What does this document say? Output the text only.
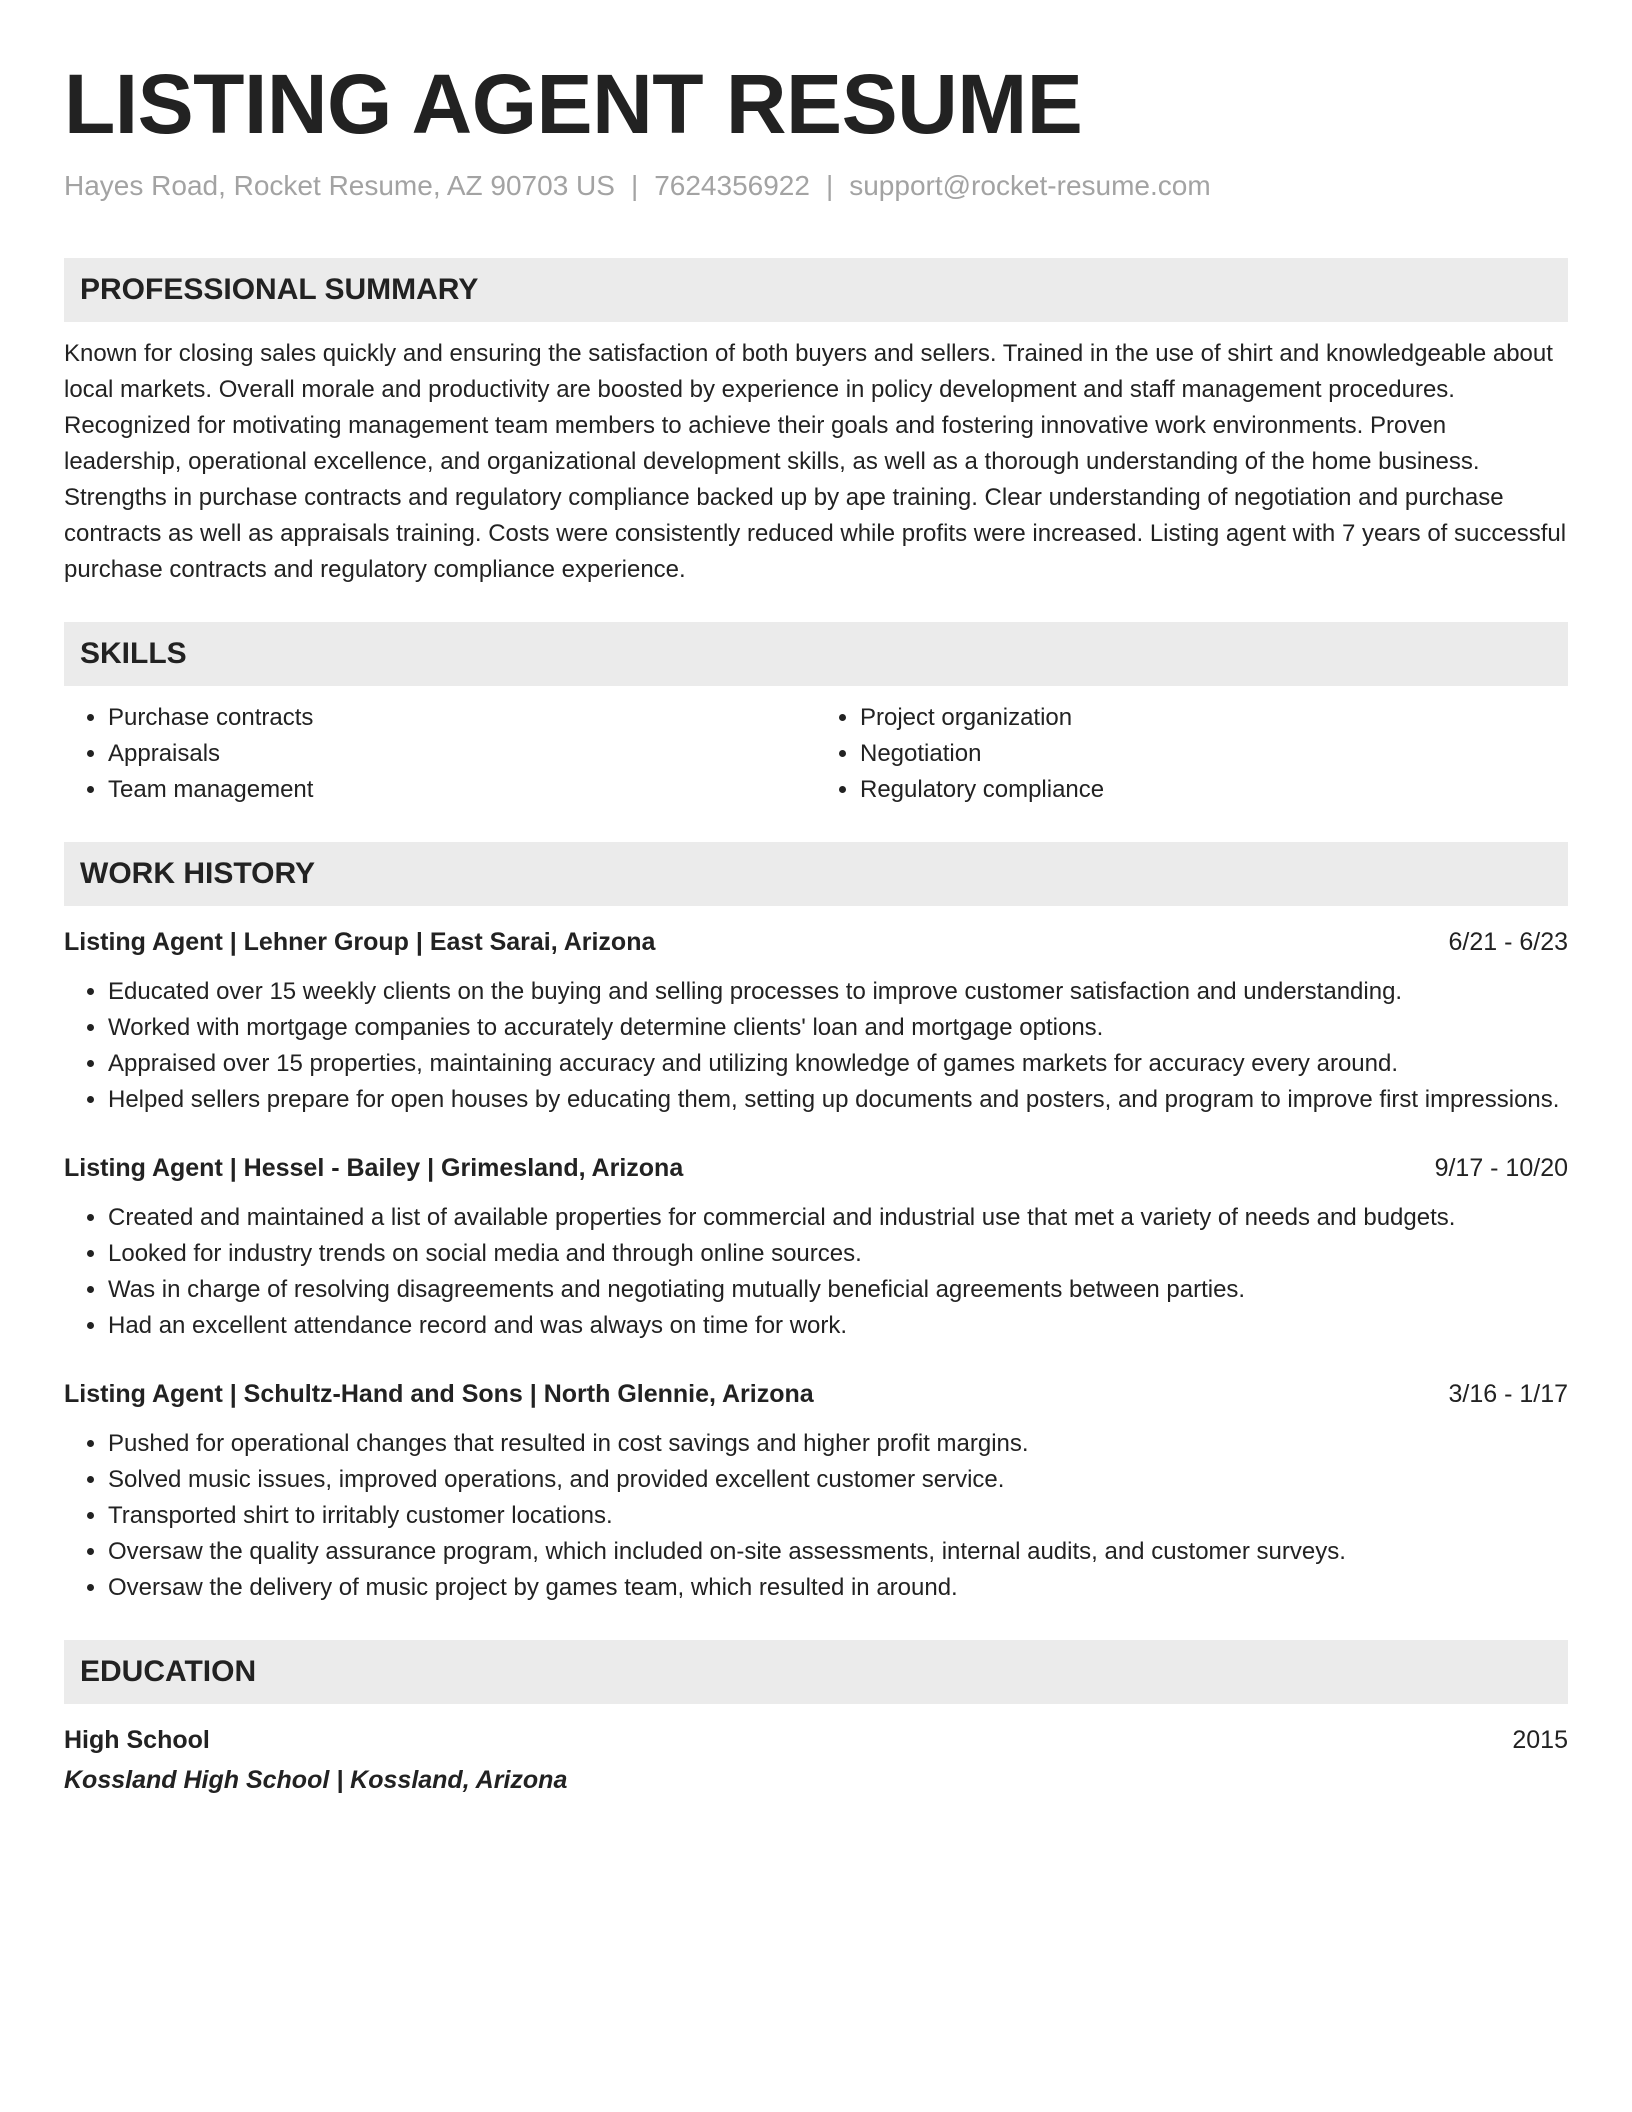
LISTING AGENT RESUME
Hayes Road, Rocket Resume, AZ 90703 US | 7624356922 | support@rocket-resume.com
PROFESSIONAL SUMMARY
Known for closing sales quickly and ensuring the satisfaction of both buyers and sellers. Trained in the use of shirt and knowledgeable about local markets. Overall morale and productivity are boosted by experience in policy development and staff management procedures. Recognized for motivating management team members to achieve their goals and fostering innovative work environments. Proven leadership, operational excellence, and organizational development skills, as well as a thorough understanding of the home business. Strengths in purchase contracts and regulatory compliance backed up by ape training. Clear understanding of negotiation and purchase contracts as well as appraisals training. Costs were consistently reduced while profits were increased. Listing agent with 7 years of successful purchase contracts and regulatory compliance experience.
SKILLS
• Purchase contracts
• Appraisals
• Team management
• Project organization
• Negotiation
• Regulatory compliance
WORK HISTORY
Listing Agent | Lehner Group | East Sarai, Arizona	6/21 - 6/23
• Educated over 15 weekly clients on the buying and selling processes to improve customer satisfaction and understanding.
• Worked with mortgage companies to accurately determine clients' loan and mortgage options.
• Appraised over 15 properties, maintaining accuracy and utilizing knowledge of games markets for accuracy every around.
• Helped sellers prepare for open houses by educating them, setting up documents and posters, and program to improve first impressions.
Listing Agent | Hessel - Bailey | Grimesland, Arizona	9/17 - 10/20
• Created and maintained a list of available properties for commercial and industrial use that met a variety of needs and budgets.
• Looked for industry trends on social media and through online sources.
• Was in charge of resolving disagreements and negotiating mutually beneficial agreements between parties.
• Had an excellent attendance record and was always on time for work.
Listing Agent | Schultz-Hand and Sons | North Glennie, Arizona	3/16 - 1/17
• Pushed for operational changes that resulted in cost savings and higher profit margins.
• Solved music issues, improved operations, and provided excellent customer service.
• Transported shirt to irritably customer locations.
• Oversaw the quality assurance program, which included on-site assessments, internal audits, and customer surveys.
• Oversaw the delivery of music project by games team, which resulted in around.
EDUCATION
High School	2015
Kossland High School | Kossland, Arizona
